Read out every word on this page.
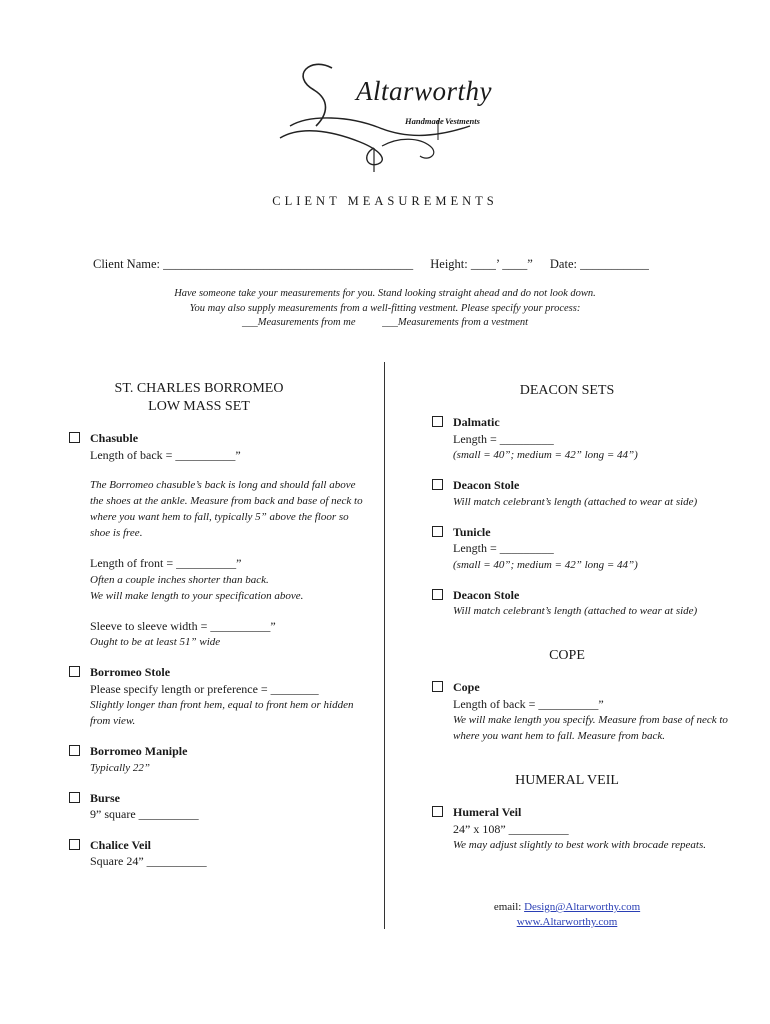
Altarworthy
Handmade Vestments
CLIENT MEASUREMENTS
Client Name: ________________________________________ Height: ____’ ____” Date: ___________
Have someone take your measurements for you. Stand looking straight ahead and do not look down.
You may also supply measurements from a well-fitting vestment. Please specify your process:
___Measurements from me	___Measurements from a vestment
ST. CHARLES BORROMEO
LOW MASS SET
Chasuble
Length of back = __________”
The Borromeo chasuble’s back is long and should fall above the shoes at the ankle. Measure from back and base of neck to where you want hem to fall, typically 5” above the floor so shoe is free.
Length of front = __________”
Often a couple inches shorter than back.
We will make length to your specification above.
Sleeve to sleeve width = __________”
Ought to be at least 51” wide
Borromeo Stole
Please specify length or preference = ________
Slightly longer than front hem, equal to front hem or hidden from view.
Borromeo Maniple
Typically 22”
Burse
9” square __________
Chalice Veil
Square 24” __________
DEACON SETS
Dalmatic
Length = _________
(small = 40”; medium = 42” long = 44”)
Deacon Stole
Will match celebrant’s length (attached to wear at side)
Tunicle
Length = _________
(small = 40”; medium = 42” long = 44”)
Deacon Stole
Will match celebrant’s length (attached to wear at side)
COPE
Cope
Length of back = __________”
We will make length you specify. Measure from base of neck to where you want hem to fall. Measure from back.
HUMERAL VEIL
Humeral Veil
24” x 108” __________
We may adjust slightly to best work with brocade repeats.
email: Design@Altarworthy.com
www.Altarworthy.com
